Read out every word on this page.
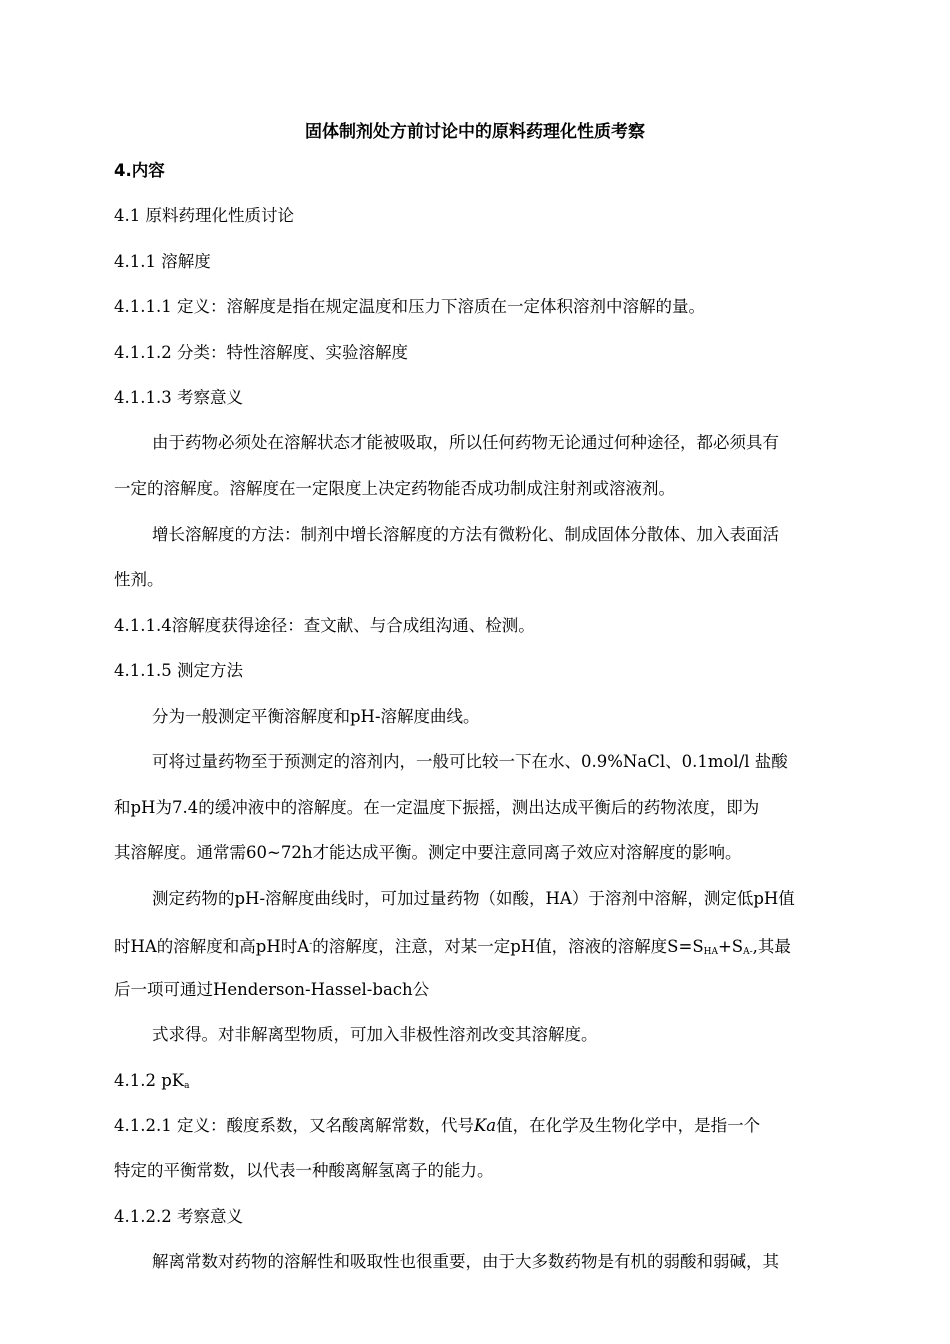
固体制剂处方前讨论中的原料药理化性质考察
4.内容
4.1 原料药理化性质讨论
4.1.1 溶解度
4.1.1.1 定义：溶解度是指在规定温度和压力下溶质在一定体积溶剂中溶解的量。
4.1.1.2 分类：特性溶解度、实验溶解度
4.1.1.3 考察意义
由于药物必须处在溶解状态才能被吸取，所以任何药物无论通过何种途径，都必须具有
一定的溶解度。溶解度在一定限度上决定药物能否成功制成注射剂或溶液剂。
增长溶解度的方法：制剂中增长溶解度的方法有微粉化、制成固体分散体、加入表面活
性剂。
4.1.1.4溶解度获得途径：查文献、与合成组沟通、检测。
4.1.1.5 测定方法
分为一般测定平衡溶解度和pH-溶解度曲线。
可将过量药物至于预测定的溶剂内，一般可比较一下在水、0.9%NaCl、0.1mol/l 盐酸
和pH为7.4的缓冲液中的溶解度。在一定温度下振摇，测出达成平衡后的药物浓度，即为
其溶解度。通常需60~72h才能达成平衡。测定中要注意同离子效应对溶解度的影响。
测定药物的pH-溶解度曲线时，可加过量药物（如酸，HA）于溶剂中溶解，测定低pH值
时HA的溶解度和高pH时A-的溶解度，注意，对某一定pH值，溶液的溶解度$S=S_{HA}+S_{A-}$,其最
后一项可通过Henderson-Hassel-bach公
式求得。对非解离型物质，可加入非极性溶剂改变其溶解度。
4.1.2 $pK_a$
4.1.2.1 定义：酸度系数，又名酸离解常数，代号Ka值，在化学及生物化学中，是指一个
特定的平衡常数，以代表一种酸离解氢离子的能力。
4.1.2.2 考察意义
解离常数对药物的溶解性和吸取性也很重要，由于大多数药物是有机的弱酸和弱碱，其
